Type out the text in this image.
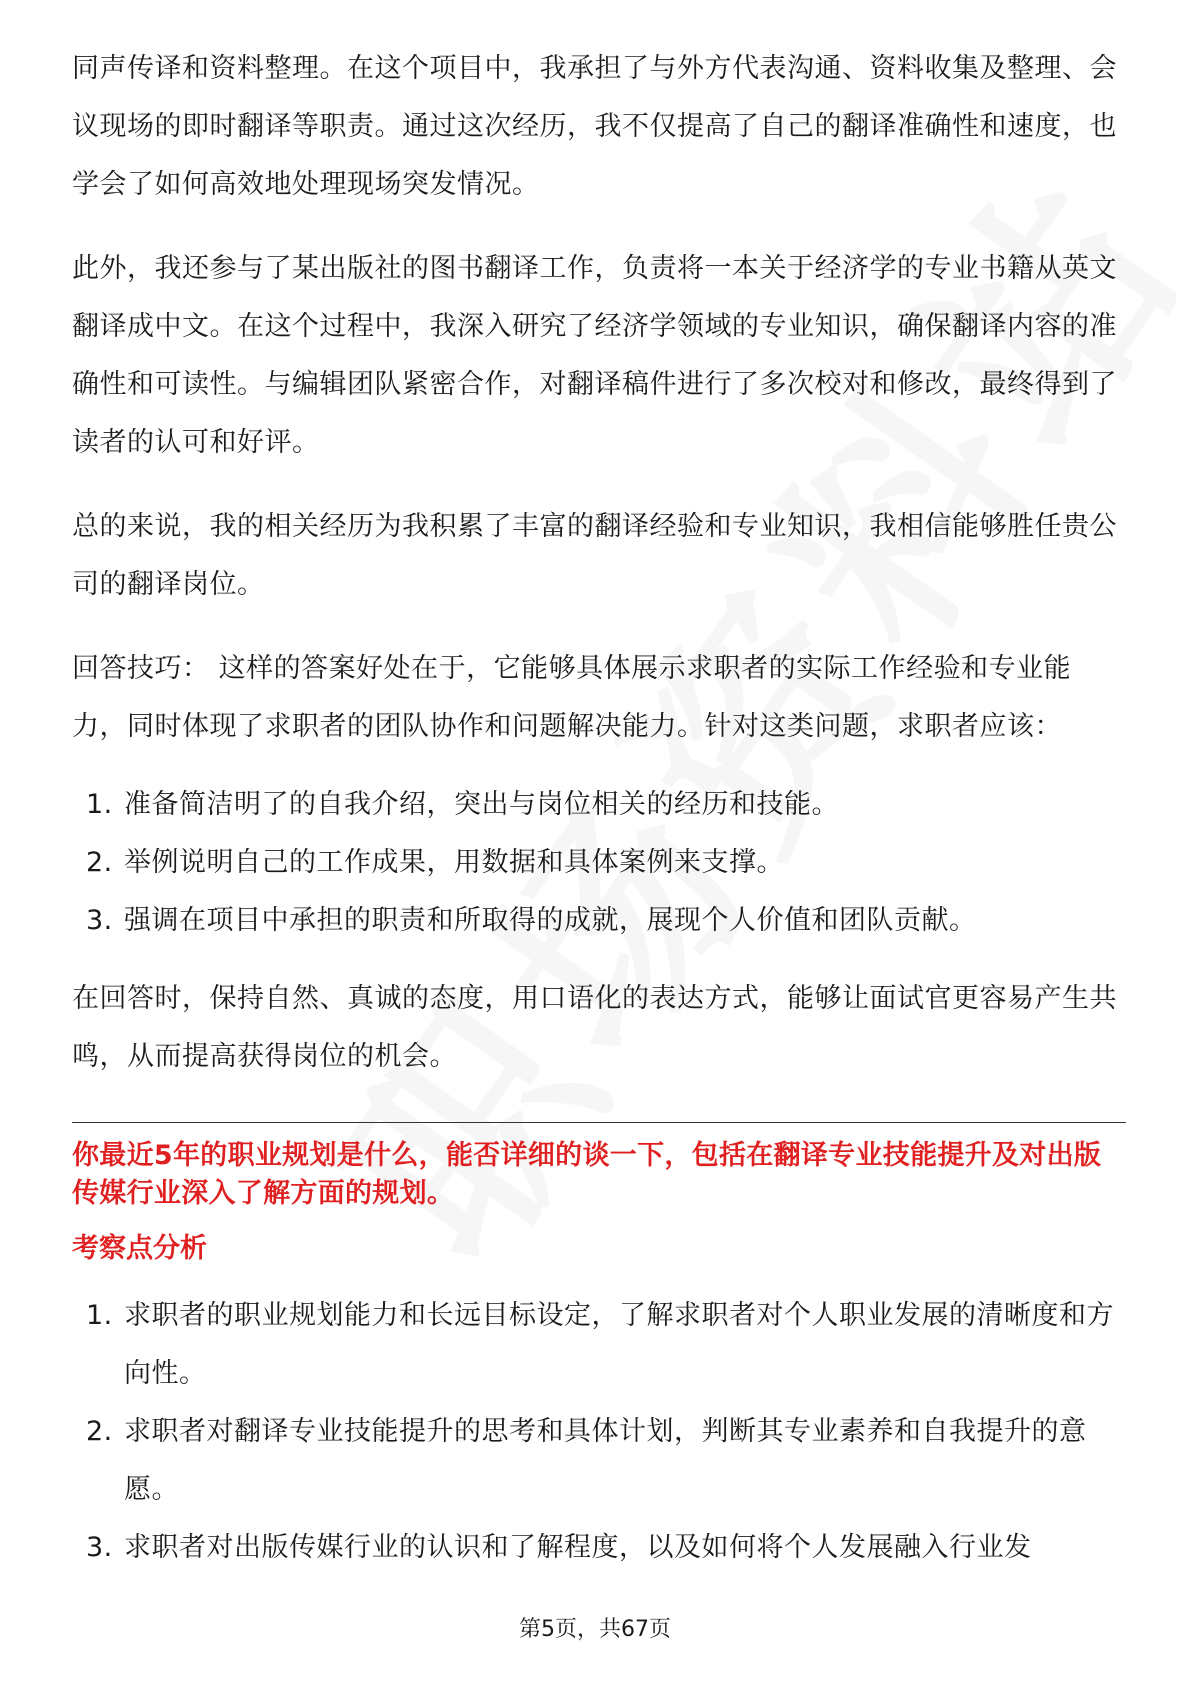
同声传译和资料整理。在这个项目中，我承担了与外方代表沟通、资料收集及整理、会议现场的即时翻译等职责。通过这次经历，我不仅提高了自己的翻译准确性和速度，也学会了如何高效地处理现场突发情况。

此外，我还参与了某出版社的图书翻译工作，负责将一本关于经济学的专业书籍从英文翻译成中文。在这个过程中，我深入研究了经济学领域的专业知识，确保翻译内容的准确性和可读性。与编辑团队紧密合作，对翻译稿件进行了多次校对和修改，最终得到了读者的认可和好评。

总的来说，我的相关经历为我积累了丰富的翻译经验和专业知识，我相信能够胜任贵公司的翻译岗位。

回答技巧： 这样的答案好处在于，它能够具体展示求职者的实际工作经验和专业能力，同时体现了求职者的团队协作和问题解决能力。针对这类问题，求职者应该：

1. 准备简洁明了的自我介绍，突出与岗位相关的经历和技能。
2. 举例说明自己的工作成果，用数据和具体案例来支撑。
3. 强调在项目中承担的职责和所取得的成就，展现个人价值和团队贡献。

在回答时，保持自然、真诚的态度，用口语化的表达方式，能够让面试官更容易产生共鸣，从而提高获得岗位的机会。

你最近5年的职业规划是什么，能否详细的谈一下，包括在翻译专业技能提升及对出版传媒行业深入了解方面的规划。

考察点分析
1. 求职者的职业规划能力和长远目标设定，了解求职者对个人职业发展的清晰度和方向性。
2. 求职者对翻译专业技能提升的思考和具体计划，判断其专业素养和自我提升的意愿。
3. 求职者对出版传媒行业的认识和了解程度，以及如何将个人发展融入行业发
第5页，共67页
